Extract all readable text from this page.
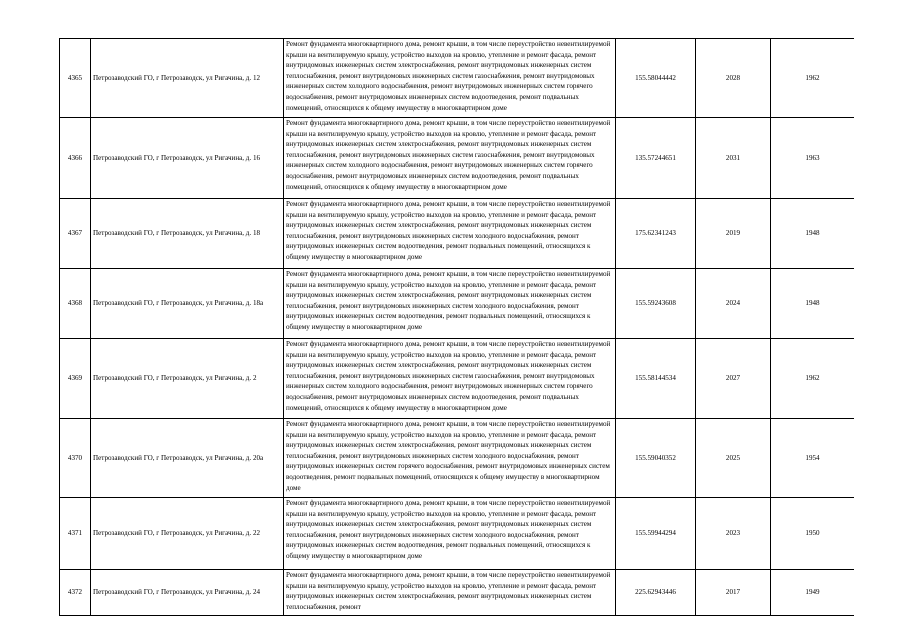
4365	Петрозаводский ГО, г Петрозаводск, ул Ригачина, д. 12	Ремонт фундамента многоквартирного дома, ремонт крыши, в том числе переустройство невентилируемой крыши на вентилируемую крышу, устройство выходов на кровлю, утепление и ремонт фасада, ремонт внутридомовых инженерных систем электроснабжения, ремонт внутридомовых инженерных систем теплоснабжения, ремонт внутридомовых инженерных систем газоснабжения, ремонт внутридомовых инженерных систем холодного водоснабжения, ремонт внутридомовых инженерных систем горячего водоснабжения, ремонт внутридомовых инженерных систем водоотведения, ремонт подвальных помещений, относящихся к общему имуществу в многоквартирном доме	155.58044442	2028	1962
4366	Петрозаводский ГО, г Петрозаводск, ул Ригачина, д. 16	Ремонт фундамента многоквартирного дома, ремонт крыши, в том числе переустройство невентилируемой крыши на вентилируемую крышу, устройство выходов на кровлю, утепление и ремонт фасада, ремонт внутридомовых инженерных систем электроснабжения, ремонт внутридомовых инженерных систем теплоснабжения, ремонт внутридомовых инженерных систем газоснабжения, ремонт внутридомовых инженерных систем холодного водоснабжения, ремонт внутридомовых инженерных систем горячего водоснабжения, ремонт внутридомовых инженерных систем водоотведения, ремонт подвальных помещений, относящихся к общему имуществу в многоквартирном доме	135.57244651	2031	1963
4367	Петрозаводский ГО, г Петрозаводск, ул Ригачина, д. 18	Ремонт фундамента многоквартирного дома, ремонт крыши, в том числе переустройство невентилируемой крыши на вентилируемую крышу, устройство выходов на кровлю, утепление и ремонт фасада, ремонт внутридомовых инженерных систем электроснабжения, ремонт внутридомовых инженерных систем теплоснабжения, ремонт внутридомовых инженерных систем холодного водоснабжения, ремонт внутридомовых инженерных систем водоотведения, ремонт подвальных помещений, относящихся к общему имуществу в многоквартирном доме	175.62341243	2019	1948
4368	Петрозаводский ГО, г Петрозаводск, ул Ригачина, д. 18а	Ремонт фундамента многоквартирного дома, ремонт крыши, в том числе переустройство невентилируемой крыши на вентилируемую крышу, устройство выходов на кровлю, утепление и ремонт фасада, ремонт внутридомовых инженерных систем электроснабжения, ремонт внутридомовых инженерных систем теплоснабжения, ремонт внутридомовых инженерных систем холодного водоснабжения, ремонт внутридомовых инженерных систем водоотведения, ремонт подвальных помещений, относящихся к общему имуществу в многоквартирном доме	155.59243608	2024	1948
4369	Петрозаводский ГО, г Петрозаводск, ул Ригачина, д. 2	Ремонт фундамента многоквартирного дома, ремонт крыши, в том числе переустройство невентилируемой крыши на вентилируемую крышу, устройство выходов на кровлю, утепление и ремонт фасада, ремонт внутридомовых инженерных систем электроснабжения, ремонт внутридомовых инженерных систем теплоснабжения, ремонт внутридомовых инженерных систем газоснабжения, ремонт внутридомовых инженерных систем холодного водоснабжения, ремонт внутридомовых инженерных систем горячего водоснабжения, ремонт внутридомовых инженерных систем водоотведения, ремонт подвальных помещений, относящихся к общему имуществу в многоквартирном доме	155.58144534	2027	1962
4370	Петрозаводский ГО, г Петрозаводск, ул Ригачина, д. 20а	Ремонт фундамента многоквартирного дома, ремонт крыши, в том числе переустройство невентилируемой крыши на вентилируемую крышу, устройство выходов на кровлю, утепление и ремонт фасада, ремонт внутридомовых инженерных систем электроснабжения, ремонт внутридомовых инженерных систем теплоснабжения, ремонт внутридомовых инженерных систем холодного водоснабжения, ремонт внутридомовых инженерных систем горячего водоснабжения, ремонт внутридомовых инженерных систем водоотведения, ремонт подвальных помещений, относящихся к общему имуществу в многоквартирном доме	155.59040352	2025	1954
4371	Петрозаводский ГО, г Петрозаводск, ул Ригачина, д. 22	Ремонт фундамента многоквартирного дома, ремонт крыши, в том числе переустройство невентилируемой крыши на вентилируемую крышу, устройство выходов на кровлю, утепление и ремонт фасада, ремонт внутридомовых инженерных систем электроснабжения, ремонт внутридомовых инженерных систем теплоснабжения, ремонт внутридомовых инженерных систем холодного водоснабжения, ремонт внутридомовых инженерных систем водоотведения, ремонт подвальных помещений, относящихся к общему имуществу в многоквартирном доме	155.59944294	2023	1950
4372	Петрозаводский ГО, г Петрозаводск, ул Ригачина, д. 24	Ремонт фундамента многоквартирного дома, ремонт крыши, в том числе переустройство невентилируемой крыши на вентилируемую крышу, устройство выходов на кровлю, утепление и ремонт фасада, ремонт внутридомовых инженерных систем электроснабжения, ремонт внутридомовых инженерных систем теплоснабжения, ремонт	225.62943446	2017	1949
